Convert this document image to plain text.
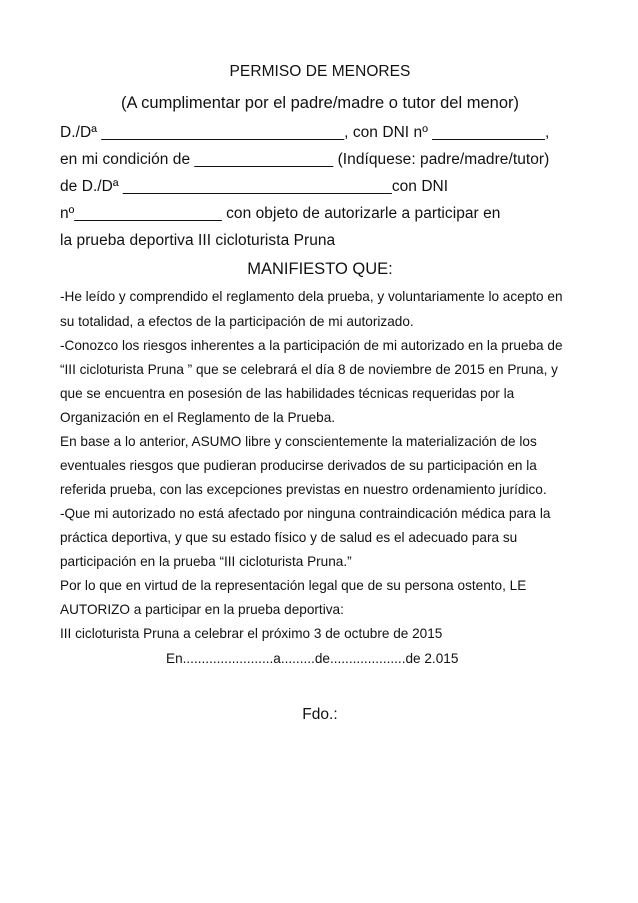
PERMISO DE MENORES
(A cumplimentar por el padre/madre o tutor del menor)
D./Dª ____________________________, con DNI nº _____________,
en mi condición de ________________ (Indíquese: padre/madre/tutor)
de D./Dª _______________________________con DNI
nº_________________ con objeto de autorizarle a participar en
la prueba deportiva III cicloturista Pruna
MANIFIESTO QUE:
-He leído y comprendido el reglamento dela prueba, y voluntariamente lo acepto en
su totalidad, a efectos de la participación de mi autorizado.
-Conozco los riesgos inherentes a la participación de mi autorizado en la prueba de
“III cicloturista Pruna ” que se celebrará el día 8 de noviembre de 2015 en Pruna, y
que se encuentra en posesión de las habilidades técnicas requeridas por la
Organización en el Reglamento de la Prueba.
En base a lo anterior, ASUMO libre y conscientemente la materialización de los
eventuales riesgos que pudieran producirse derivados de su participación en la
referida prueba, con las excepciones previstas en nuestro ordenamiento jurídico.
-Que mi autorizado no está afectado por ninguna contraindicación médica para la
práctica deportiva, y que su estado físico y de salud es el adecuado para su
participación en la prueba “III cicloturista Pruna.”
Por lo que en virtud de la representación legal que de su persona ostento, LE
AUTORIZO a participar en la prueba deportiva:
III cicloturista Pruna a celebrar el próximo 3 de octubre de 2015
En........................a.........de....................de 2.015
Fdo.:
